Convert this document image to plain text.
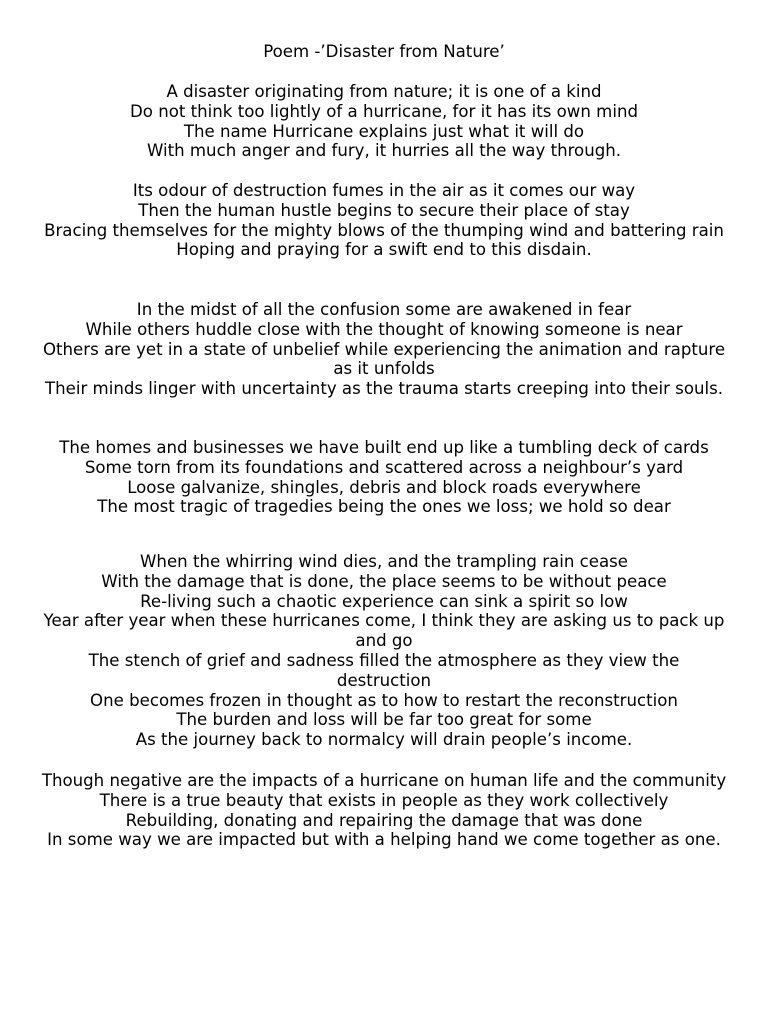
Poem -’Disaster from Nature’
A disaster originating from nature; it is one of a kind
Do not think too lightly of a hurricane, for it has its own mind
The name Hurricane explains just what it will do
With much anger and fury, it hurries all the way through.
Its odour of destruction fumes in the air as it comes our way
Then the human hustle begins to secure their place of stay
Bracing themselves for the mighty blows of the thumping wind and battering rain
Hoping and praying for a swift end to this disdain.
In the midst of all the confusion some are awakened in fear
While others huddle close with the thought of knowing someone is near
Others are yet in a state of unbelief while experiencing the animation and rapture as it unfolds
Their minds linger with uncertainty as the trauma starts creeping into their souls.
The homes and businesses we have built end up like a tumbling deck of cards
Some torn from its foundations and scattered across a neighbour’s yard
Loose galvanize, shingles, debris and block roads everywhere
The most tragic of tragedies being the ones we loss; we hold so dear
When the whirring wind dies, and the trampling rain cease
With the damage that is done, the place seems to be without peace
Re-living such a chaotic experience can sink a spirit so low
Year after year when these hurricanes come, I think they are asking us to pack up and go
The stench of grief and sadness filled the atmosphere as they view the destruction
One becomes frozen in thought as to how to restart the reconstruction
The burden and loss will be far too great for some
As the journey back to normalcy will drain people’s income.
Though negative are the impacts of a hurricane on human life and the community
There is a true beauty that exists in people as they work collectively
Rebuilding, donating and repairing the damage that was done
In some way we are impacted but with a helping hand we come together as one.
